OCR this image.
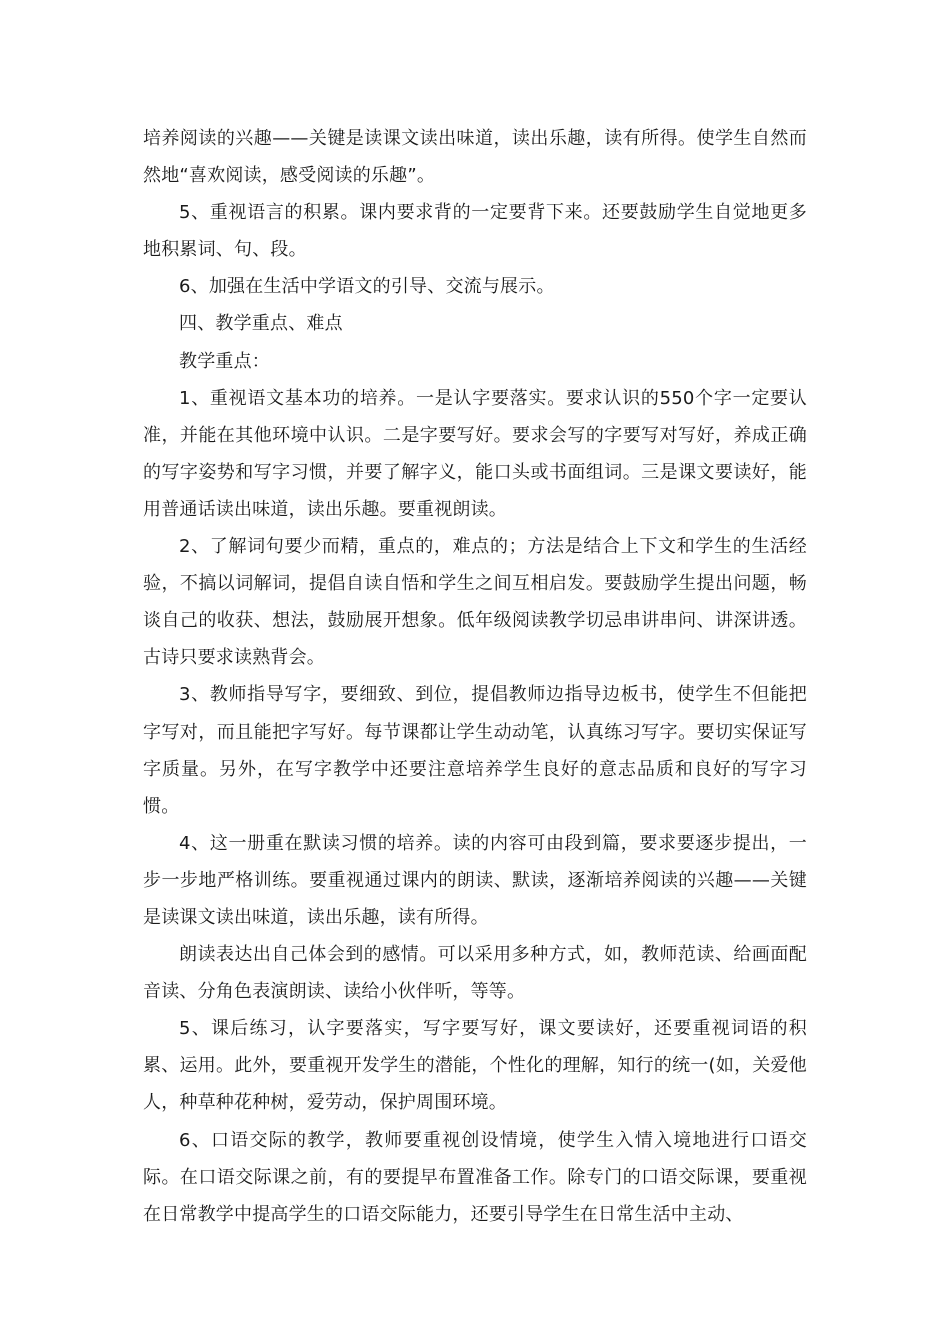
培养阅读的兴趣——关键是读课文读出味道，读出乐趣，读有所得。使学生自然而然地“喜欢阅读，感受阅读的乐趣”。

5、重视语言的积累。课内要求背的一定要背下来。还要鼓励学生自觉地更多地积累词、句、段。

6、加强在生活中学语文的引导、交流与展示。

四、教学重点、难点

教学重点：

1、重视语文基本功的培养。一是认字要落实。要求认识的550个字一定要认准，并能在其他环境中认识。二是字要写好。要求会写的字要写对写好，养成正确的写字姿势和写字习惯，并要了解字义，能口头或书面组词。三是课文要读好，能用普通话读出味道，读出乐趣。要重视朗读。

2、了解词句要少而精，重点的，难点的；方法是结合上下文和学生的生活经验，不搞以词解词，提倡自读自悟和学生之间互相启发。要鼓励学生提出问题，畅谈自己的收获、想法，鼓励展开想象。低年级阅读教学切忌串讲串问、讲深讲透。古诗只要求读熟背会。

3、教师指导写字，要细致、到位，提倡教师边指导边板书，使学生不但能把字写对，而且能把字写好。每节课都让学生动动笔，认真练习写字。要切实保证写字质量。另外，在写字教学中还要注意培养学生良好的意志品质和良好的写字习惯。

4、这一册重在默读习惯的培养。读的内容可由段到篇，要求要逐步提出，一步一步地严格训练。要重视通过课内的朗读、默读，逐渐培养阅读的兴趣——关键是读课文读出味道，读出乐趣，读有所得。

朗读表达出自己体会到的感情。可以采用多种方式，如，教师范读、给画面配音读、分角色表演朗读、读给小伙伴听，等等。

5、课后练习，认字要落实，写字要写好，课文要读好，还要重视词语的积累、运用。此外，要重视开发学生的潜能，个性化的理解，知行的统一(如，关爱他人，种草种花种树，爱劳动，保护周围环境。

6、口语交际的教学，教师要重视创设情境，使学生入情入境地进行口语交际。在口语交际课之前，有的要提早布置准备工作。除专门的口语交际课，要重视在日常教学中提高学生的口语交际能力，还要引导学生在日常生活中主动、
